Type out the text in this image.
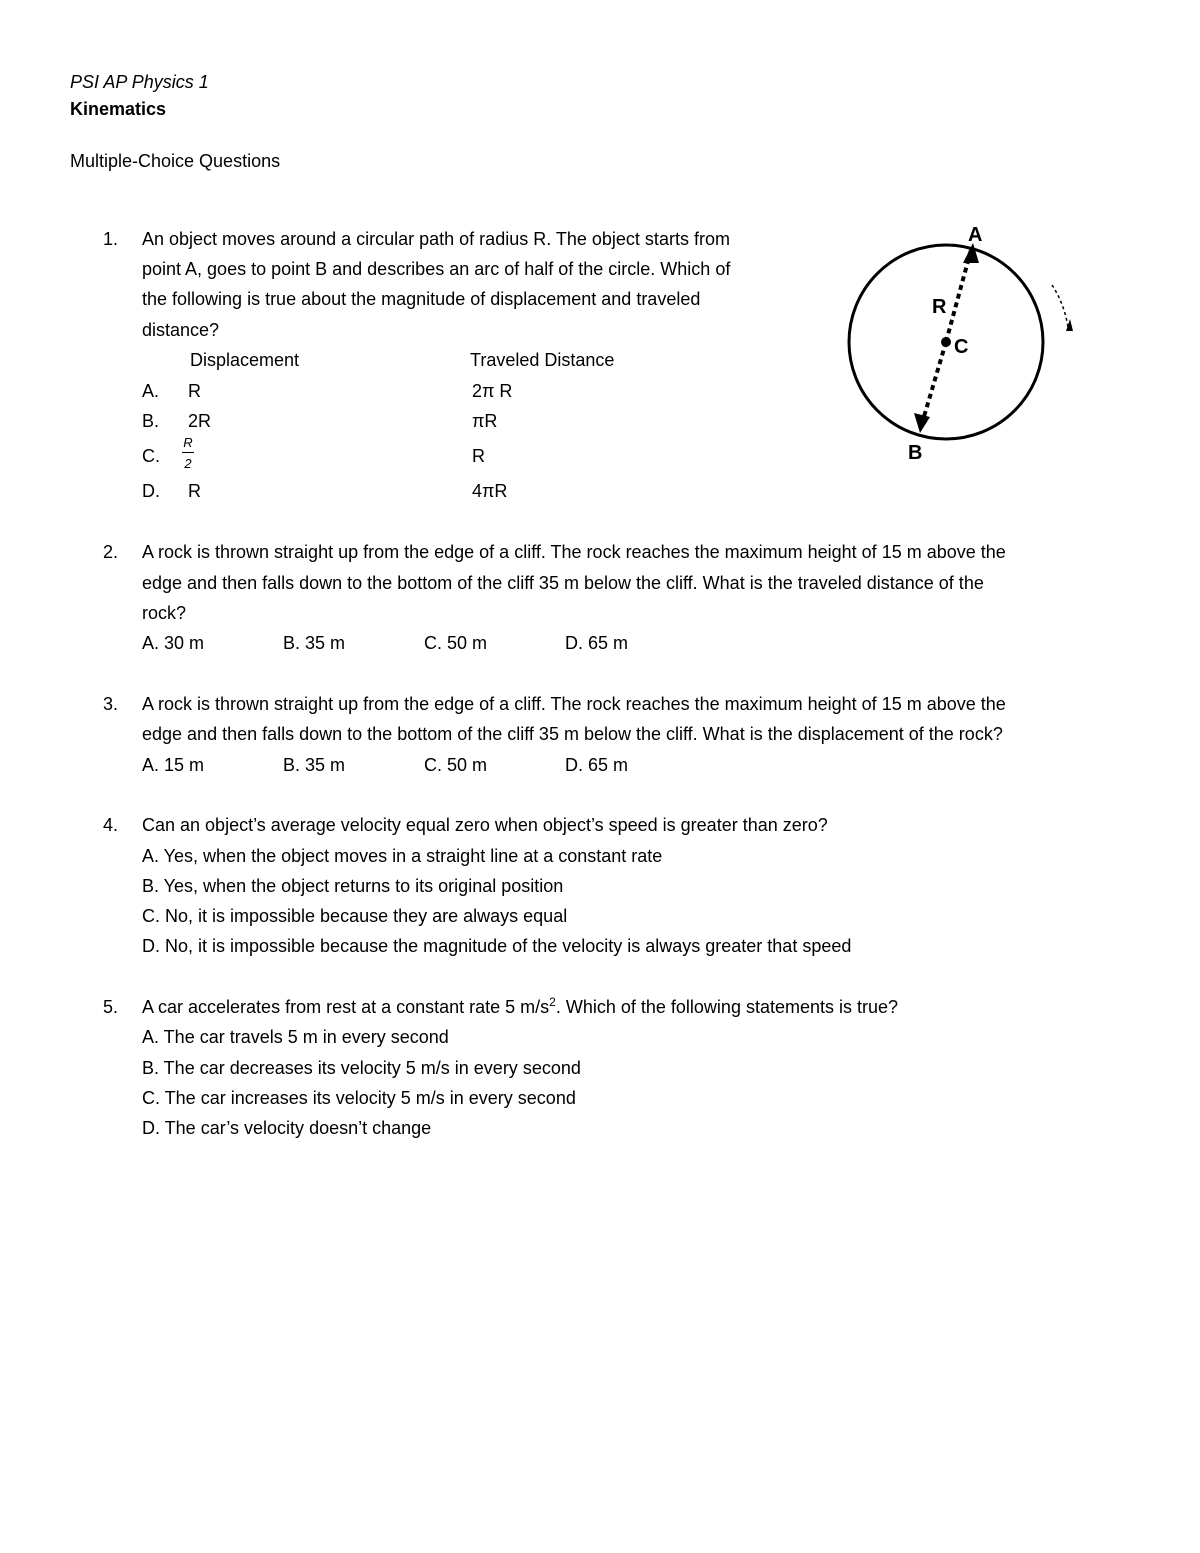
PSI AP Physics 1
Kinematics
Multiple-Choice Questions
1. An object moves around a circular path of radius R. The object starts from
point A, goes to point B and describes an arc of half of the circle. Which of
the following is true about the magnitude of displacement and traveled
distance?
Displacement	Traveled Distance
A. R	2π R
B. 2R	πR
C. $\frac{R}{2}$	R
D. R	4πR
A
B
R
C
2. A rock is thrown straight up from the edge of a cliff. The rock reaches the maximum height of 15 m above the
edge and then falls down to the bottom of the cliff 35 m below the cliff. What is the traveled distance of the
rock?
A. 30 m	B. 35 m	C. 50 m	D. 65 m
3. A rock is thrown straight up from the edge of a cliff. The rock reaches the maximum height of 15 m above the
edge and then falls down to the bottom of the cliff 35 m below the cliff. What is the displacement of the rock?
A. 15 m	B. 35 m	C. 50 m	D. 65 m
4. Can an object’s average velocity equal zero when object’s speed is greater than zero?
A. Yes, when the object moves in a straight line at a constant rate
B. Yes, when the object returns to its original position
C. No, it is impossible because they are always equal
D. No, it is impossible because the magnitude of the velocity is always greater that speed
5. A car accelerates from rest at a constant rate 5 $m/s^2$. Which of the following statements is true?
A. The car travels 5 m in every second
B. The car decreases its velocity 5 m/s in every second
C. The car increases its velocity 5 m/s in every second
D. The car’s velocity doesn’t change
